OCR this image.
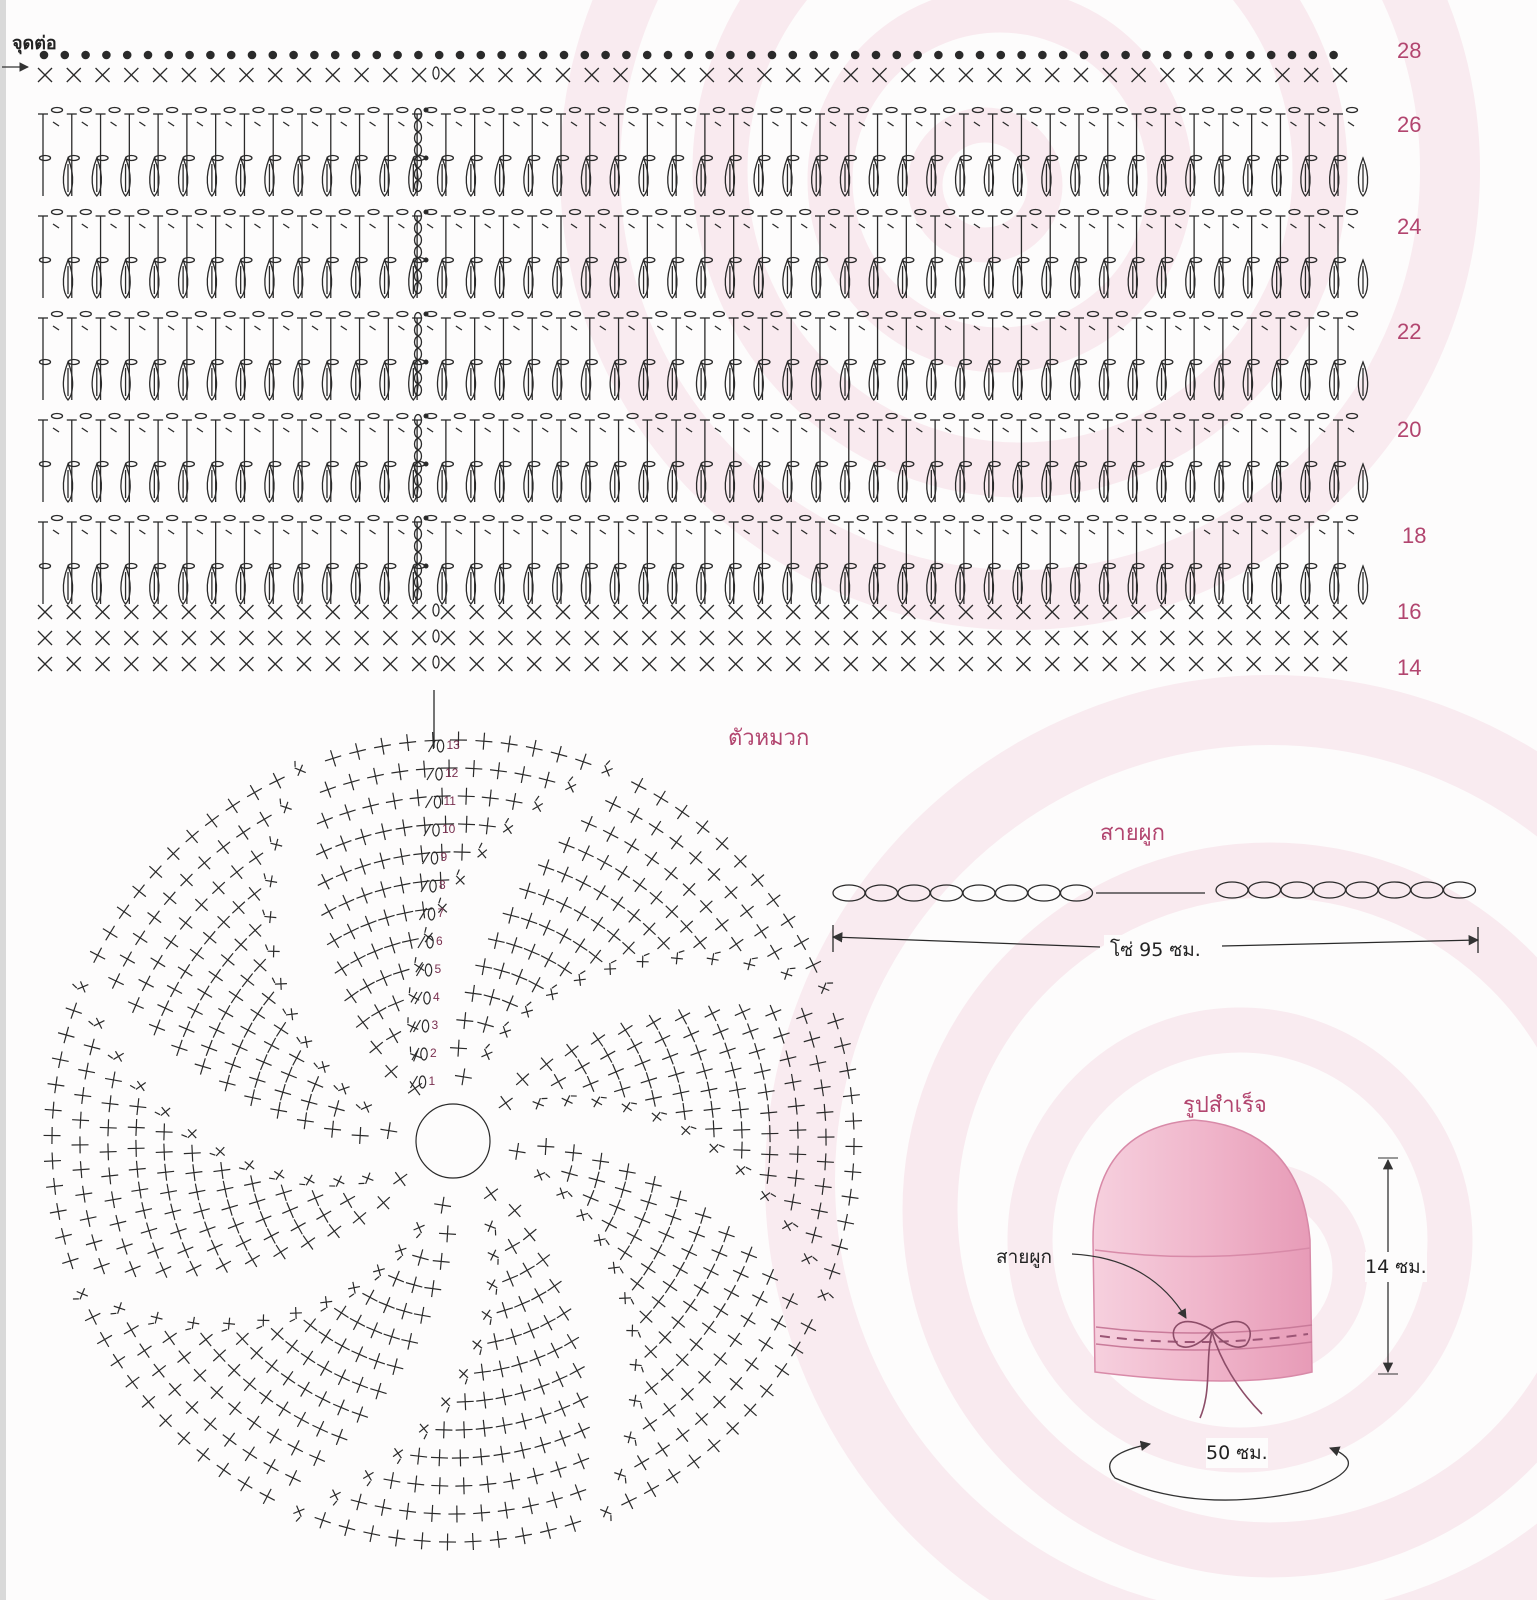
จุดต่อ	28
26
24
22
20
18
16
14
1
2
3
4
5
6
7
8
9
10
11
12
13	ตัวหมวก
สายผูก
โซ่ 95 ซม.
รูปสำเร็จ
สายผูก	14 ซม.
50 ซม.
